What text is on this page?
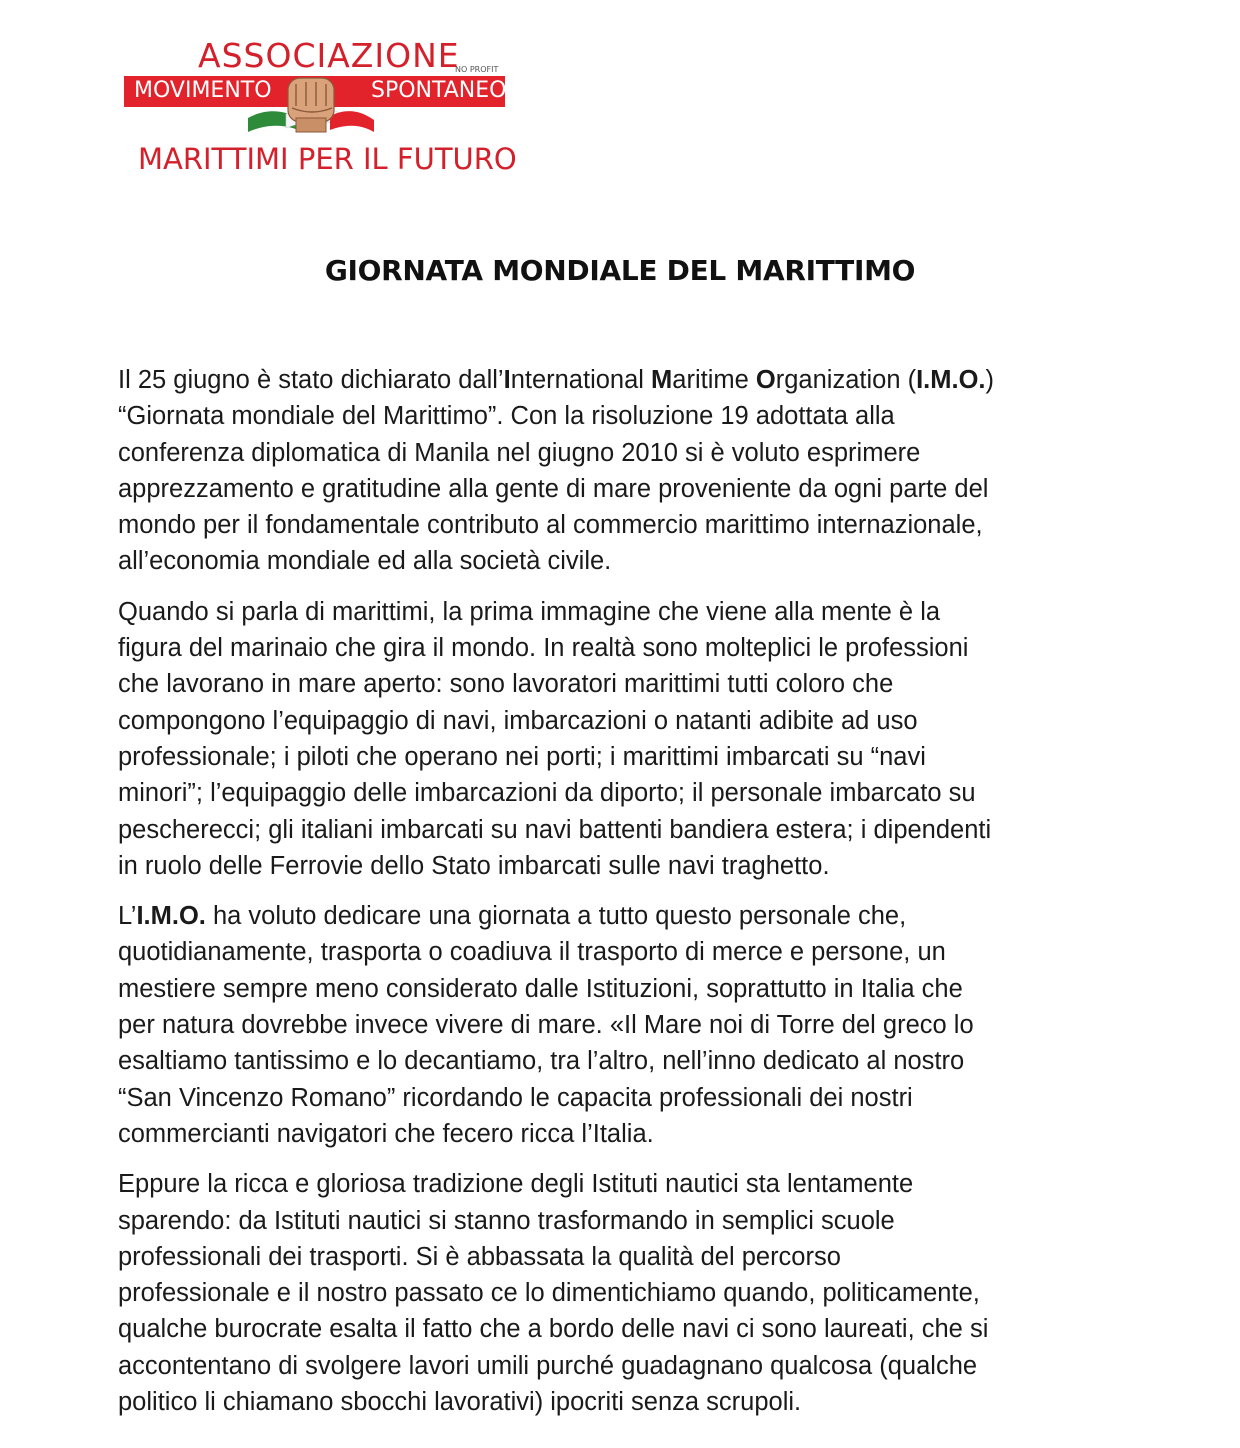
ASSOCIAZIONE
NO PROFIT
MOVIMENTO	SPONTANEO
MARITTIMI PER IL FUTURO
GIORNATA MONDIALE DEL MARITTIMO

Il 25 giugno è stato dichiarato dall’International Maritime Organization (I.M.O.)
“Giornata mondiale del Marittimo”. Con la risoluzione 19 adottata alla
conferenza diplomatica di Manila nel giugno 2010 si è voluto esprimere
apprezzamento e gratitudine alla gente di mare proveniente da ogni parte del
mondo per il fondamentale contributo al commercio marittimo internazionale,
all’economia mondiale ed alla società civile.

Quando si parla di marittimi, la prima immagine che viene alla mente è la
figura del marinaio che gira il mondo. In realtà sono molteplici le professioni
che lavorano in mare aperto: sono lavoratori marittimi tutti coloro che
compongono l’equipaggio di navi, imbarcazioni o natanti adibite ad uso
professionale; i piloti che operano nei porti; i marittimi imbarcati su “navi
minori”; l’equipaggio delle imbarcazioni da diporto; il personale imbarcato su
pescherecci; gli italiani imbarcati su navi battenti bandiera estera; i dipendenti
in ruolo delle Ferrovie dello Stato imbarcati sulle navi traghetto.

L’I.M.O. ha voluto dedicare una giornata a tutto questo personale che,
quotidianamente, trasporta o coadiuva il trasporto di merce e persone, un
mestiere sempre meno considerato dalle Istituzioni, soprattutto in Italia che
per natura dovrebbe invece vivere di mare. «Il Mare noi di Torre del greco lo
esaltiamo tantissimo e lo decantiamo, tra l’altro, nell’inno dedicato al nostro
“San Vincenzo Romano” ricordando le capacita professionali dei nostri
commercianti navigatori che fecero ricca l’Italia.

Eppure la ricca e gloriosa tradizione degli Istituti nautici sta lentamente
sparendo: da Istituti nautici si stanno trasformando in semplici scuole
professionali dei trasporti. Si è abbassata la qualità del percorso
professionale e il nostro passato ce lo dimentichiamo quando, politicamente,
qualche burocrate esalta il fatto che a bordo delle navi ci sono laureati, che si
accontentano di svolgere lavori umili purché guadagnano qualcosa (qualche
politico li chiamano sbocchi lavorativi) ipocriti senza scrupoli.
